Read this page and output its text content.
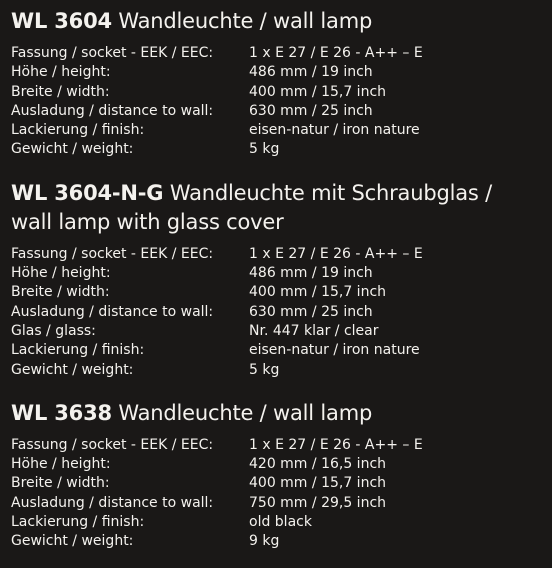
WL 3604 Wandleuchte / wall lamp
Fassung / socket - EEK / EEC:	1 x E 27 / E 26 - A++ – E
Höhe / height:	486 mm / 19 inch
Breite / width:	400 mm / 15,7 inch
Ausladung / distance to wall:	630 mm / 25 inch
Lackierung / finish:	eisen-natur / iron nature
Gewicht / weight:	5 kg
WL 3604-N-G Wandleuchte mit Schraubglas /
wall lamp with glass cover
Fassung / socket - EEK / EEC:	1 x E 27 / E 26 - A++ – E
Höhe / height:	486 mm / 19 inch
Breite / width:	400 mm / 15,7 inch
Ausladung / distance to wall:	630 mm / 25 inch
Glas / glass:	Nr. 447 klar / clear
Lackierung / finish:	eisen-natur / iron nature
Gewicht / weight:	5 kg
WL 3638 Wandleuchte / wall lamp
Fassung / socket - EEK / EEC:	1 x E 27 / E 26 - A++ – E
Höhe / height:	420 mm / 16,5 inch
Breite / width:	400 mm / 15,7 inch
Ausladung / distance to wall:	750 mm / 29,5 inch
Lackierung / finish:	old black
Gewicht / weight:	9 kg
